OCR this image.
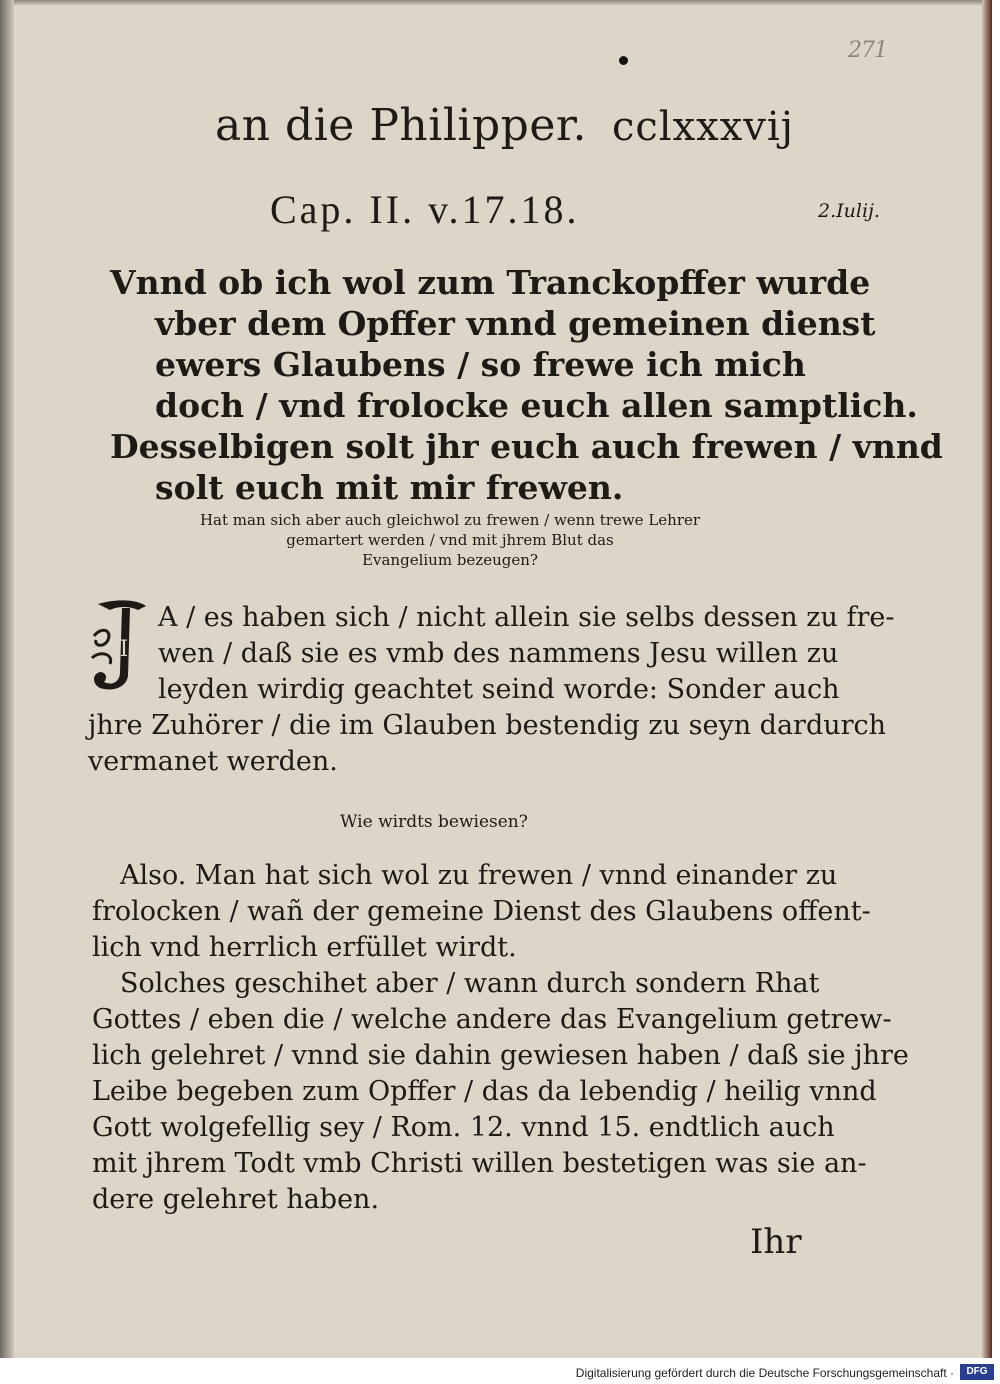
271
an die Philipper. cclxxxvij
Cap. II. v.17.18.	2.Iulij.
Vnnd ob ich wol zum Tranckopffer wurde
vber dem Opffer vnnd gemeinen dienst
ewers Glaubens / so frewe ich mich
doch / vnd frolocke euch allen samptlich.
Desselbigen solt jhr euch auch frewen / vnnd
solt euch mit mir frewen.
Hat man sich aber auch gleichwol zu frewen / wenn trewe Lehrer
gemartert werden / vnd mit jhrem Blut das
Evangelium bezeugen?
I
A / es haben sich / nicht allein sie selbs dessen zu fre-
wen / daß sie es vmb des nammens Jesu willen zu
leyden wirdig geachtet seind worde: Sonder auch
jhre Zuhörer / die im Glauben bestendig zu seyn dardurch
vermanet werden.
Wie wirdts bewiesen?
Also. Man hat sich wol zu frewen / vnnd einander zu
frolocken / wañ der gemeine Dienst des Glaubens offent-
lich vnd herrlich erfüllet wirdt.
Solches geschihet aber / wann durch sondern Rhat
Gottes / eben die / welche andere das Evangelium getrew-
lich gelehret / vnnd sie dahin gewiesen haben / daß sie jhre
Leibe begeben zum Opffer / das da lebendig / heilig vnnd
Gott wolgefellig sey / Rom. 12. vnnd 15. endtlich auch
mit jhrem Todt vmb Christi willen bestetigen was sie an-
dere gelehret haben.
Ihr
Digitalisierung gefördert durch die Deutsche Forschungsgemeinschaft ·	DFG
